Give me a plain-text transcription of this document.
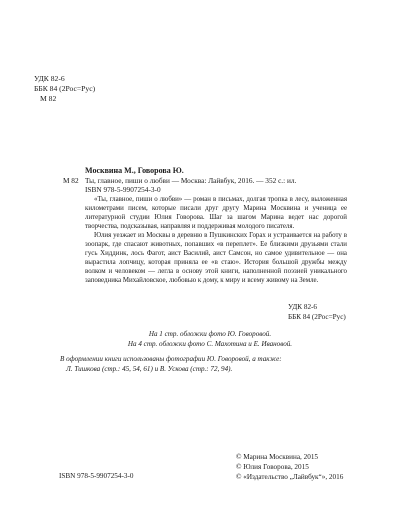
УДК 82-6
ББК 84 (2Рос=Рус)
М 82
Москвина М., Говорова Ю.
М 82 Ты, главное, пиши о любви — Москва: Лайвбук, 2016. — 352 с.: ил.
ISBN 978-5-9907254-3-0

«Ты, главное, пиши о любви» — роман в письмах, долгая тропка в лесу, выложенная километрами писем, которые писали друг другу Марина Москвина и ученица ее литературной студии Юлия Говорова. Шаг за шагом Марина ведет нас дорогой творчества, подсказывая, направляя и поддерживая молодого писателя.

Юлия уезжает из Москвы в деревню в Пушкинских Горах и устраивается на работу в зоопарк, где спасают животных, попавших «в переплет». Ее близкими друзьями стали гусь Хиддинк, лось Фагот, аист Василий, аист Самсон, но самое удивительное — она вырастила лопчицу, которая приняла ее «в стаю». История большой дружбы между волком и человеком — легла в основу этой книги, наполненной поэзией уникального заповедника Михайловское, любовью к дому, к миру и всему живому на Земле.

УДК 82-6
ББК 84 (2Рос=Рус)
На 1 стр. обложки фото Ю. Говоровой.
На 4 стр. обложки фото С. Махотина и Е. Ивановой.
В оформлении книги использованы фотографии Ю. Говоровой, а также:
Л. Тишкова (стр.: 45, 54, 61) и В. Ускова (стр.: 72, 94).
© Марина Москвина, 2015
© Юлия Говорова, 2015
© «Издательство „Лайвбук“», 2016
ISBN 978-5-9907254-3-0
